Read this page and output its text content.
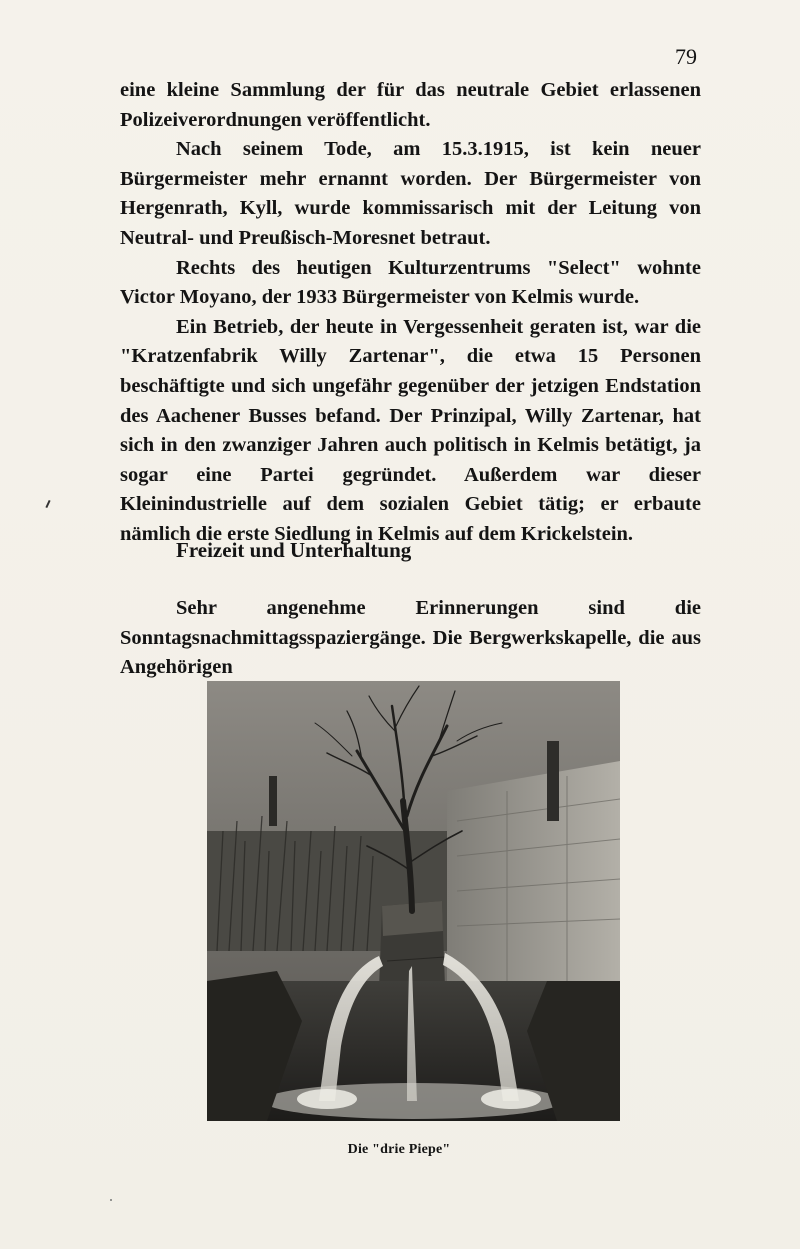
79

eine kleine Sammlung der für das neutrale Gebiet erlassenen Polizeiverordnungen veröffentlicht.

Nach seinem Tode, am 15.3.1915, ist kein neuer Bürgermeister mehr ernannt worden. Der Bürgermeister von Hergenrath, Kyll, wurde kommissarisch mit der Leitung von Neutral- und Preußisch-Moresnet betraut.

Rechts des heutigen Kulturzentrums "Select" wohnte Victor Moyano, der 1933 Bürgermeister von Kelmis wurde.

Ein Betrieb, der heute in Vergessenheit geraten ist, war die "Kratzenfabrik Willy Zartenar", die etwa 15 Personen beschäftigte und sich ungefähr gegenüber der jetzigen Endstation des Aachener Busses befand. Der Prinzipal, Willy Zartenar, hat sich in den zwanziger Jahren auch politisch in Kelmis betätigt, ja sogar eine Partei gegründet. Außerdem war dieser Kleinindustrielle auf dem sozialen Gebiet tätig; er erbaute nämlich die erste Siedlung in Kelmis auf dem Krickelstein.

Freizeit und Unterhaltung

Sehr angenehme Erinnerungen sind die Sonntagsnachmittagsspaziergänge. Die Bergwerkskapelle, die aus Angehörigen

Die "drie Piepe"
